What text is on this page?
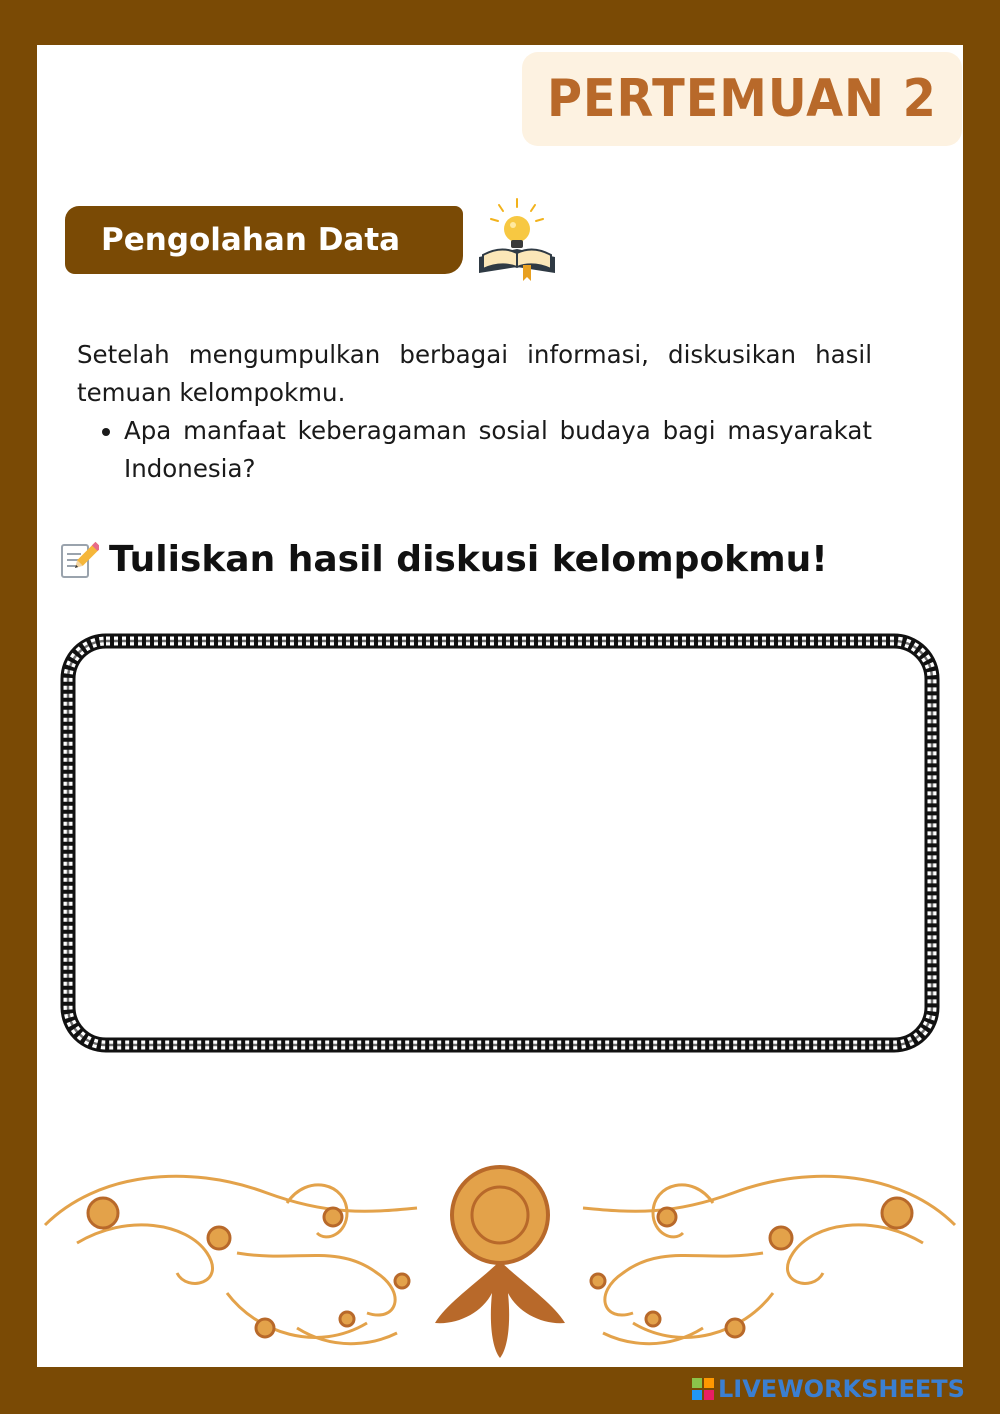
PERTEMUAN 2
Pengolahan Data

Setelah mengumpulkan berbagai informasi, diskusikan hasil temuan kelompokmu.

• Apa manfaat keberagaman sosial budaya bagi masyarakat Indonesia?
Tuliskan hasil diskusi kelompokmu!
LIVEWORKSHEETS
